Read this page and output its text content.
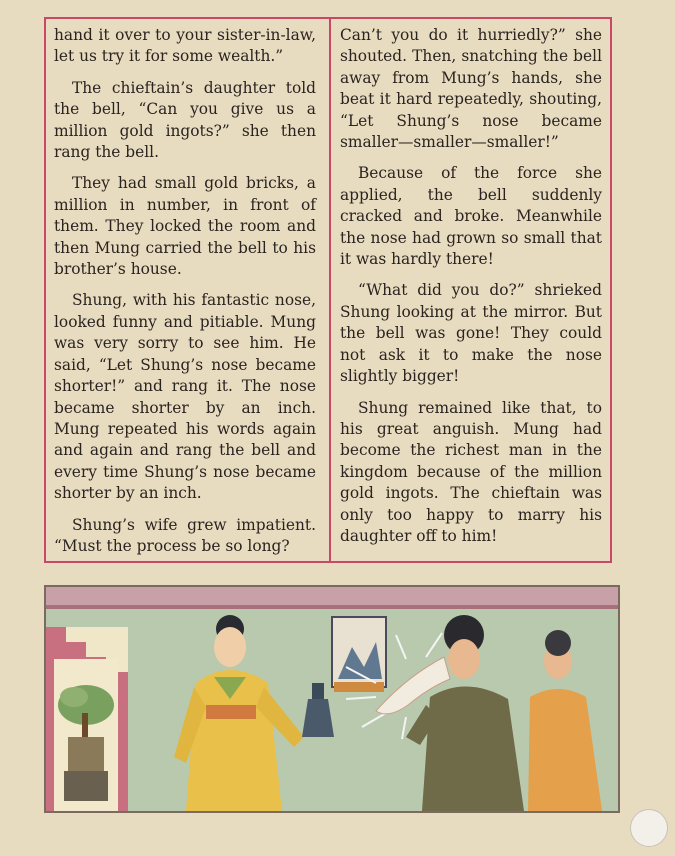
hand it over to your sister-in-law, let us try it for some wealth.”

The chieftain’s daughter told the bell, “Can you give us a million gold ingots?” she then rang the bell.

They had small gold bricks, a million in number, in front of them. They locked the room and then Mung carried the bell to his brother’s house.

Shung, with his fantastic nose, looked funny and pitiable. Mung was very sorry to see him. He said, “Let Shung’s nose became shorter!” and rang it. The nose became shorter by an inch. Mung repeated his words again and again and rang the bell and every time Shung’s nose became shorter by an inch.

Shung’s wife grew impatient. “Must the process be so long?

Can’t you do it hurriedly?” she shouted. Then, snatching the bell away from Mung’s hands, she beat it hard repeatedly, shouting, “Let Shung’s nose became smaller—smaller—smaller!”

Because of the force she applied, the bell suddenly cracked and broke. Meanwhile the nose had grown so small that it was hardly there!

“What did you do?” shrieked Shung looking at the mirror. But the bell was gone! They could not ask it to make the nose slightly bigger!

Shung remained like that, to his great anguish. Mung had become the richest man in the kingdom because of the million gold ingots. The chieftain was only too happy to marry his daughter off to him!
